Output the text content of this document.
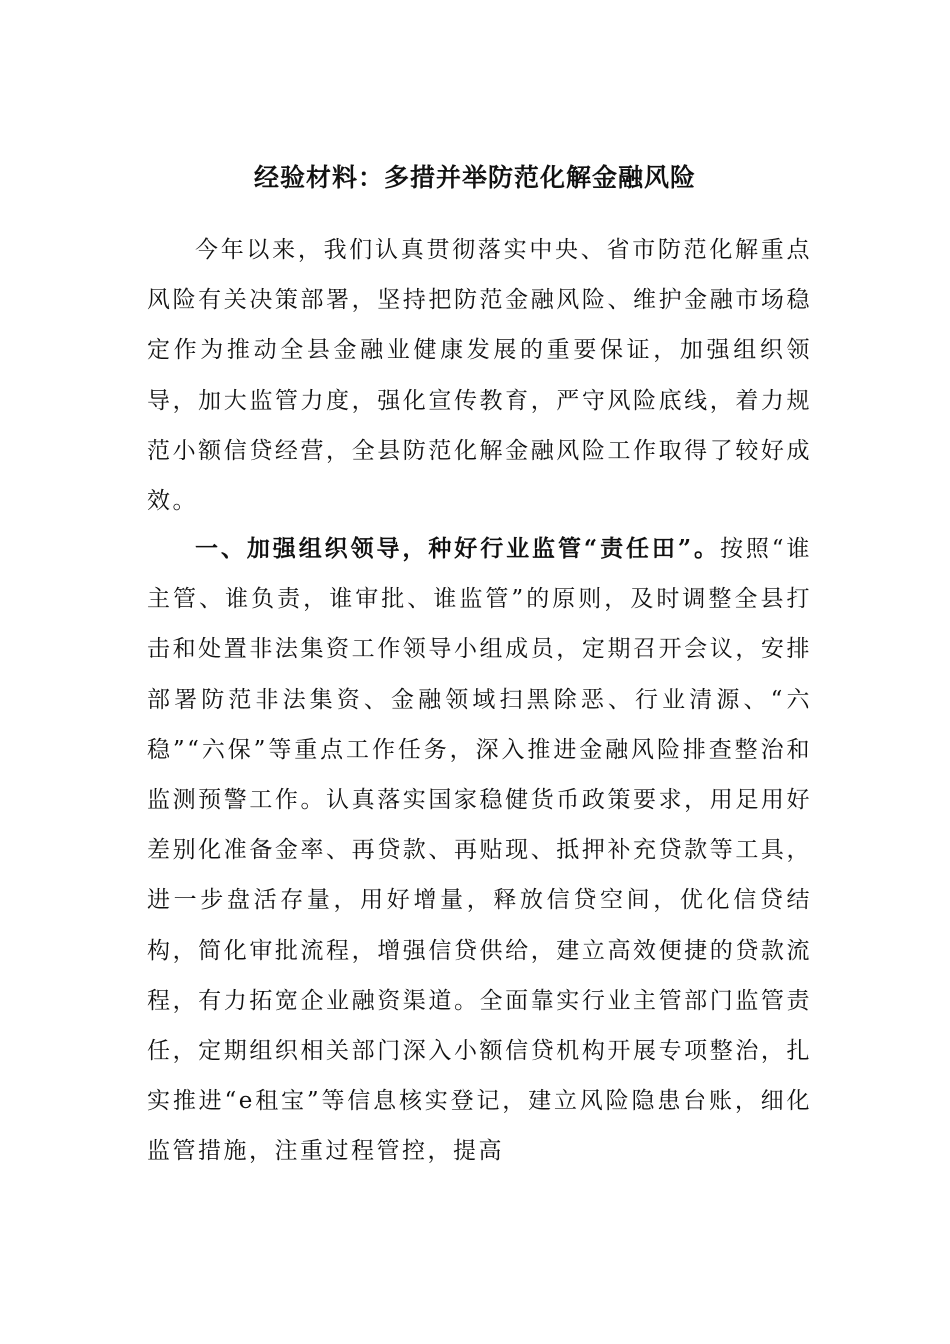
经验材料：多措并举防范化解金融风险

今年以来，我们认真贯彻落实中央、省市防范化解重点风险有关决策部署，坚持把防范金融风险、维护金融市场稳定作为推动全县金融业健康发展的重要保证，加强组织领导，加大监管力度，强化宣传教育，严守风险底线，着力规范小额信贷经营，全县防范化解金融风险工作取得了较好成效。

一、加强组织领导，种好行业监管“责任田”。按照“谁主管、谁负责，谁审批、谁监管”的原则，及时调整全县打击和处置非法集资工作领导小组成员，定期召开会议，安排部署防范非法集资、金融领域扫黑除恶、行业清源、“六稳”“六保”等重点工作任务，深入推进金融风险排查整治和监测预警工作。认真落实国家稳健货币政策要求，用足用好差别化准备金率、再贷款、再贴现、抵押补充贷款等工具，进一步盘活存量，用好增量，释放信贷空间，优化信贷结构，简化审批流程，增强信贷供给，建立高效便捷的贷款流程，有力拓宽企业融资渠道。全面靠实行业主管部门监管责任，定期组织相关部门深入小额信贷机构开展专项整治，扎实推进“e租宝”等信息核实登记，建立风险隐患台账，细化监管措施，注重过程管控，提高
